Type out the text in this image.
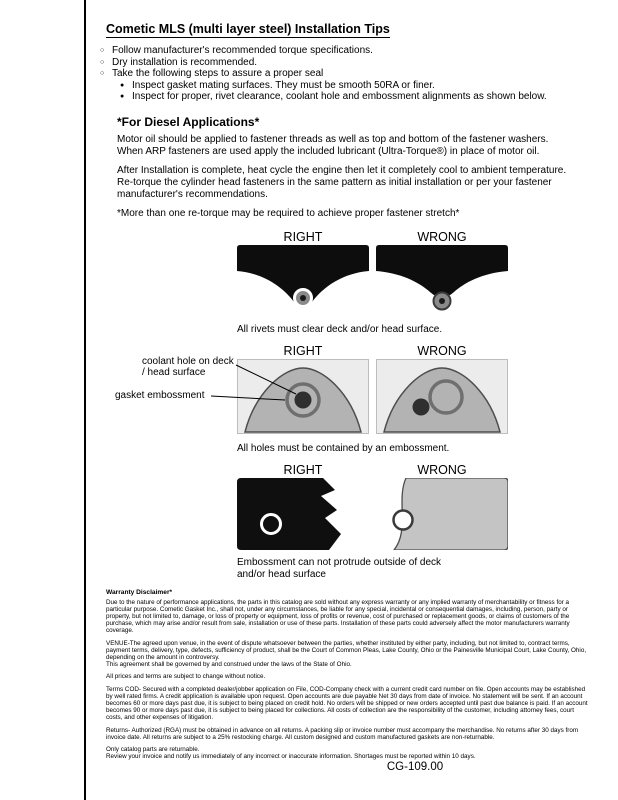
Cometic MLS (multi layer steel) Installation Tips
○ Follow manufacturer's recommended torque specifications.
○ Dry installation is recommended.
○ Take the following steps to assure a proper seal
● Inspect gasket mating surfaces. They must be smooth 50RA or finer.
● Inspect for proper, rivet clearance, coolant hole and embossment alignments as shown below.
*For Diesel Applications*

Motor oil should be applied to fastener threads as well as top and bottom of the fastener washers. When ARP fasteners are used apply the included lubricant (Ultra-Torque®) in place of motor oil.

After Installation is complete, heat cycle the engine then let it completely cool to ambient temperature. Re-torque the cylinder head fasteners in the same pattern as initial installation or per your fastener manufacturer's recommendations.

*More than one re-torque may be required to achieve proper fastener stretch*

RIGHT	WRONG
All rivets must clear deck and/or head surface.
RIGHT	WRONG
coolant hole on deck / head surface
gasket embossment
All holes must be contained by an embossment.
RIGHT	WRONG
Embossment can not protrude outside of deck and/or head surface
Warranty Disclaimer*

Due to the nature of performance applications, the parts in this catalog are sold without any express warranty or any implied warranty of merchantability or fitness for a particular purpose. Cometic Gasket Inc., shall not, under any circumstances, be liable for any special, incidental or consequential damages, including, person, party or property, but not limited to, damage, or loss of property or equipment, loss of profits or revenue, cost of purchased or replacement goods, or claims of customers of the purchase, which may arise and/or result from sale, installation or use of these parts. Installation of these parts could adversely affect the motor manufacturers warranty coverage.

VENUE-The agreed upon venue, in the event of dispute whatsoever between the parties, whether instituted by either party, including, but not limited to, contract terms, payment terms, delivery, type, defects, sufficiency of product, shall be the Court of Common Pleas, Lake County, Ohio or the Painesville Municipal Court, Lake County, Ohio, depending on the amount in controversy.

This agreement shall be governed by and construed under the laws of the State of Ohio.

All prices and terms are subject to change without notice.

Terms COD- Secured with a completed dealer/jobber application on File, COD-Company check with a current credit card number on file. Open accounts may be established by well rated firms. A credit application is available upon request. Open accounts are due payable Net 30 days from date of invoice. No statement will be sent. If an account becomes 60 or more days past due, it is subject to being placed on credit hold. No orders will be shipped or new orders accepted until past due balance is paid. If an account becomes 90 or more days past due, it is subject to being placed for collections. All costs of collection are the responsibility of the customer, including attorney fees, court costs, and other expenses of litigation.

Returns- Authorized (RGA) must be obtained in advance on all returns. A packing slip or invoice number must accompany the merchandise. No returns after 30 days from invoice date. All returns are subject to a 25% restocking charge. All custom designed and custom manufactured gaskets are non-returnable.

Only catalog parts are returnable.

Review your invoice and notify us immediately of any incorrect or inaccurate information. Shortages must be reported within 10 days.

CG-109.00
